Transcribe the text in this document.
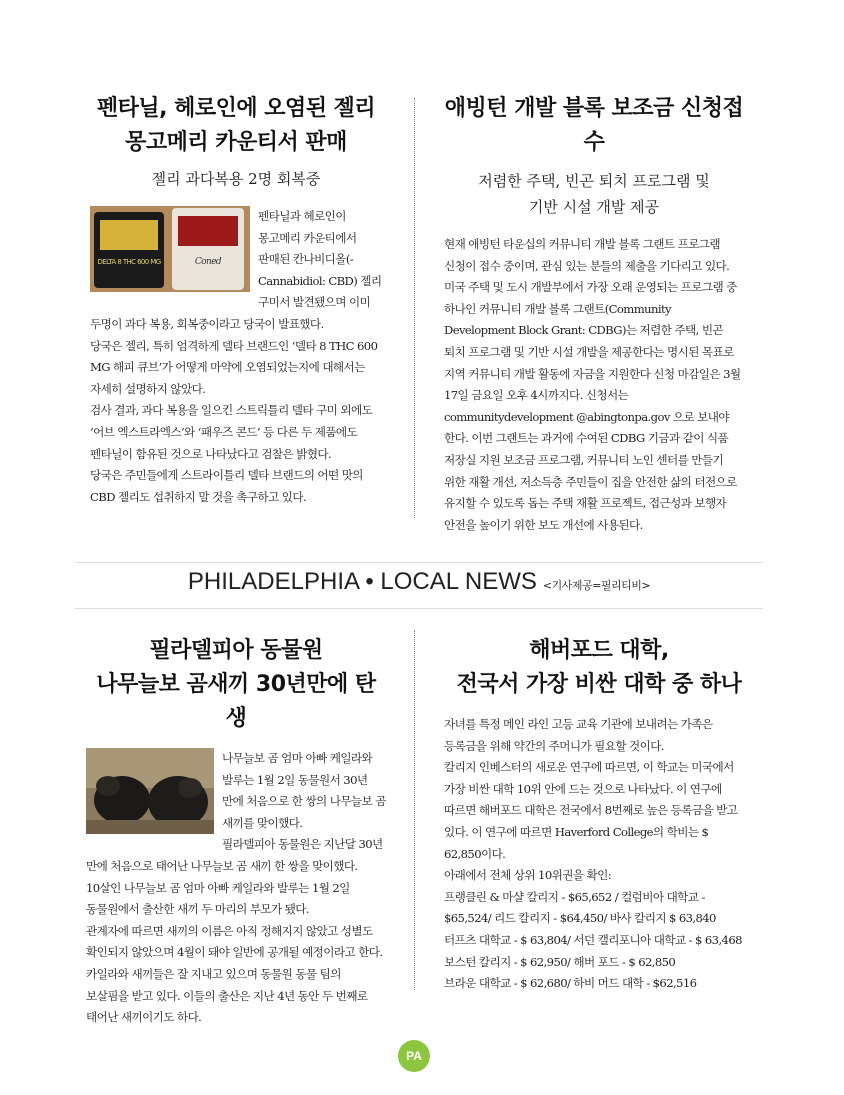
펜타닐, 헤로인에 오염된 젤리
몽고메리 카운티서 판매
젤리 과다복용 2명 회복중
DELTA 8 THC 600 MG	Coned

펜타닐과 헤로인이 몽고메리 카운티에서 판매된 칸나비디올(-Cannabidiol: CBD) 젤리 구미서 발견됐으며 이미 두명이 과다 복용, 회복중이라고 당국이 발표했다.

당국은 젤리, 특히 엄격하게 델타 브랜드인 ‘델타 8 THC 600 MG 해피 큐브’가 어떻게 마약에 오염되었는지에 대해서는 자세히 설명하지 않았다.

검사 결과, 과다 복용을 일으킨 스트릭틀리 델타 구미 외에도 ‘어브 엑스트라엑스’와 ‘패우즈 콘드’ 등 다른 두 제품에도 펜타닐이 함유된 것으로 나타났다고 검찰은 밝혔다.

당국은 주민들에게 스트라이틀리 델타 브랜드의 어떤 맛의 CBD 젤리도 섭취하지 말 것을 촉구하고 있다.

애빙턴 개발 블록 보조금 신청접수
저렴한 주택, 빈곤 퇴치 프로그램 및
기반 시설 개발 제공

현재 애빙턴 타운십의 커뮤니티 개발 블록 그랜트 프로그램 신청이 접수 중이며, 관심 있는 분들의 제출을 기다리고 있다. 미국 주택 및 도시 개발부에서 가장 오래 운영되는 프로그램 중 하나인 커뮤니티 개발 블록 그랜트(Community Development Block Grant: CDBG)는 저렴한 주택, 빈곤 퇴치 프로그램 및 기반 시설 개발을 제공한다는 명시된 목표로 지역 커뮤니티 개발 활동에 자금을 지원한다 신청 마감일은 3월 17일 금요일 오후 4시까지다. 신청서는 communitydevelopment @abingtonpa.gov 으로 보내야 한다. 이번 그랜트는 과거에 수여된 CDBG 기금과 같이 식품 저장실 지원 보조금 프로그램, 커뮤니티 노인 센터를 만들기 위한 재활 개선, 저소득층 주민들이 집을 안전한 삶의 터전으로 유지할 수 있도록 돕는 주택 재활 프로젝트, 접근성과 보행자 안전을 높이기 위한 보도 개선에 사용된다.

PHILADELPHIA • LOCAL NEWS <기사제공=필리티비>
필라델피아 동물원
나무늘보 곰새끼 30년만에 탄생

나무늘보 곰 엄마 아빠 케일라와 발루는 1월 2일 동물원서 30년 만에 처음으로 한 쌍의 나무늘보 곰 새끼를 맞이했다.

필라델피아 동물원은 지난달 30년 만에 처음으로 태어난 나무늘보 곰 새끼 한 쌍을 맞이했다. 10살인 나무늘보 곰 엄마 아빠 케일라와 발루는 1월 2일 동물원에서 출산한 새끼 두 마리의 부모가 됐다.

관계자에 따르면 새끼의 이름은 아직 정해지지 않았고 성별도 확인되지 않았으며 4월이 돼야 일반에 공개될 예정이라고 한다. 카일라와 새끼들은 잘 지내고 있으며 동물원 동물 팀의 보살핌을 받고 있다. 이들의 출산은 지난 4년 동안 두 번째로 태어난 새끼이기도 하다.

해버포드 대학,
전국서 가장 비싼 대학 중 하나

자녀를 특정 메인 라인 고등 교육 기관에 보내려는 가족은 등록금을 위해 약간의 주머니가 필요할 것이다.

칼리지 인베스터의 새로운 연구에 따르면, 이 학교는 미국에서 가장 비싼 대학 10위 안에 드는 것으로 나타났다. 이 연구에 따르면 해버포드 대학은 전국에서 8번째로 높은 등록금을 받고 있다. 이 연구에 따르면 Haverford College의 학비는 $ 62,850이다.

아래에서 전체 상위 10위권을 확인:

프랭클린 & 마샬 칼리지 - $65,652 / 컬럼비아 대학교 - $65,524/ 리드 칼리지 - $64,450/ 바사 칼리지 $ 63,840

터프츠 대학교 - $ 63,804/ 서던 캘리포니아 대학교 - $ 63,468

보스턴 칼리지 - $ 62,950/ 해버 포드 - $ 62,850

브라운 대학교 - $ 62,680/ 하비 머드 대학 - $62,516

PA
